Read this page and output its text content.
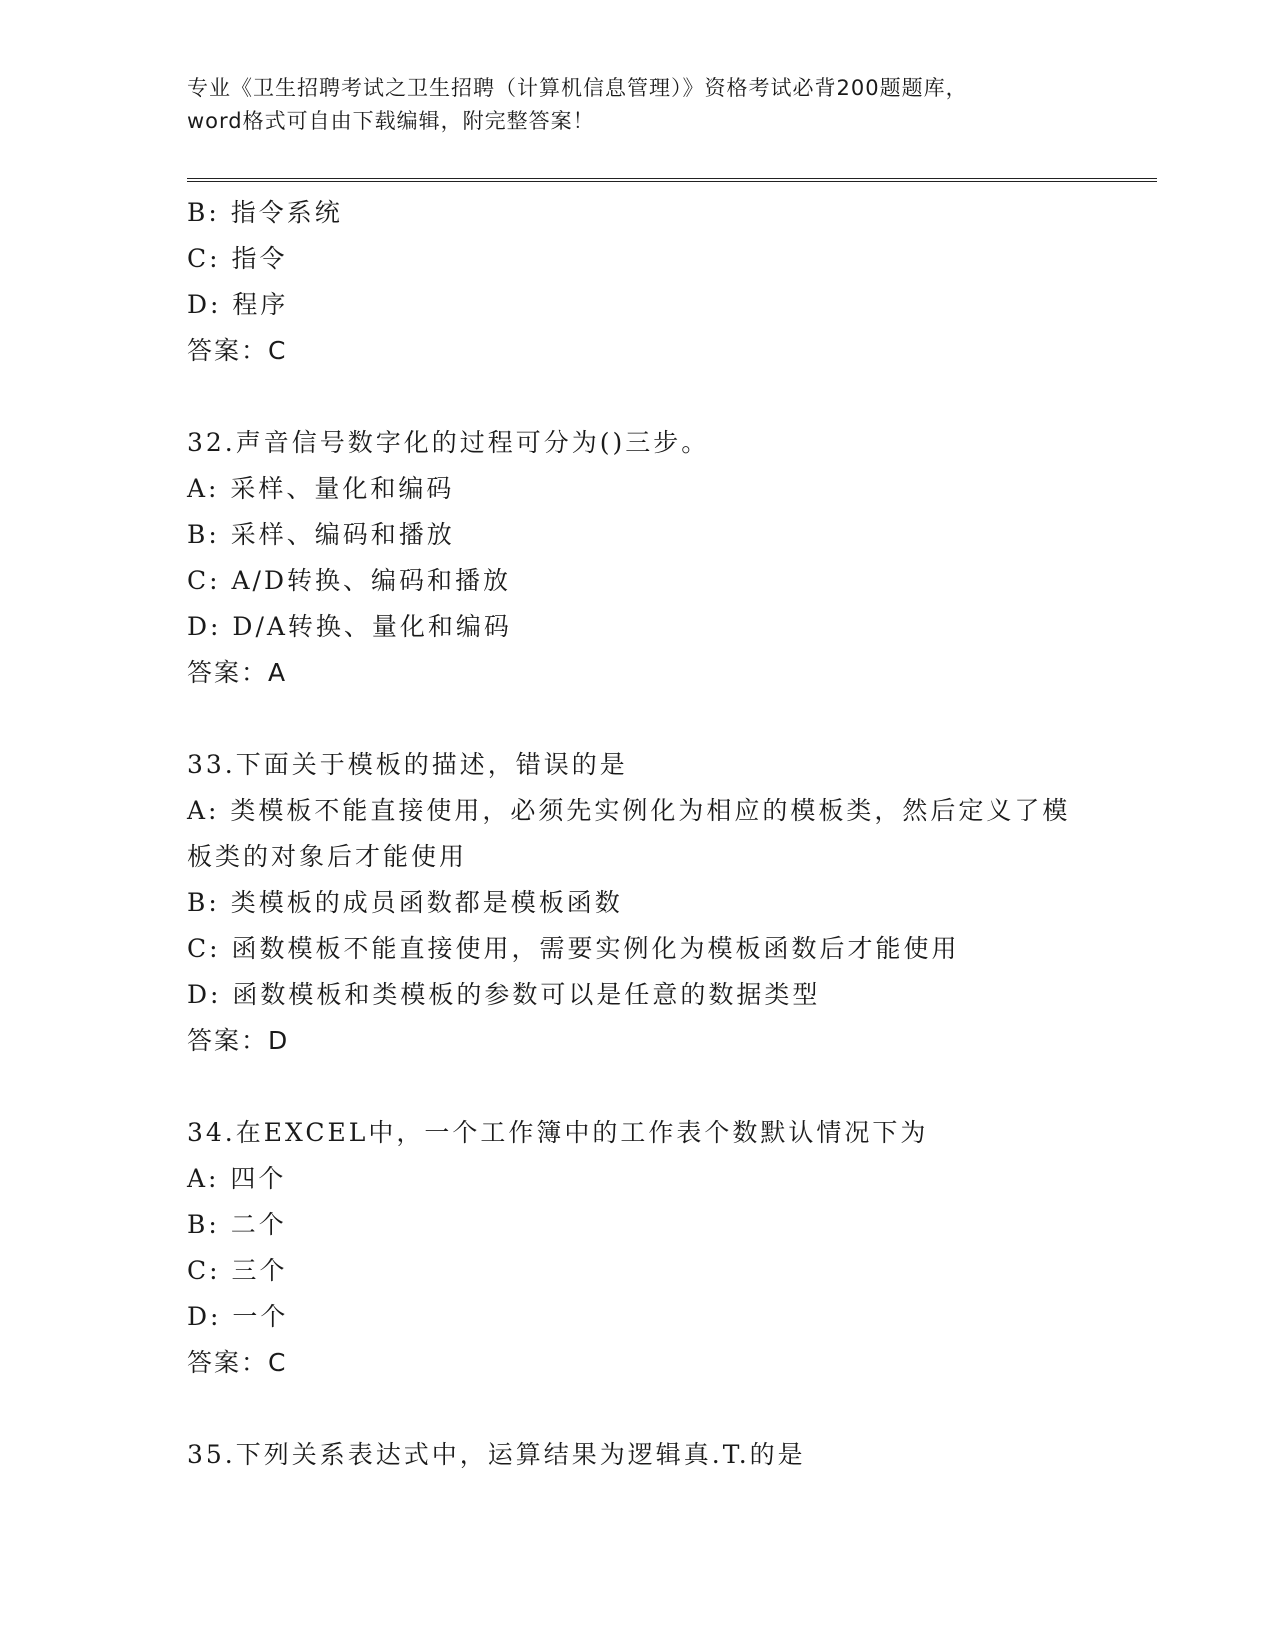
专业《卫生招聘考试之卫生招聘（计算机信息管理）》资格考试必背200题题库，
word格式可自由下载编辑，附完整答案！
B: 指令系统
C: 指令
D: 程序
答案：C
32.声音信号数字化的过程可分为()三步。
A: 采样、量化和编码
B: 采样、编码和播放
C: A/D转换、编码和播放
D: D/A转换、量化和编码
答案：A
33.下面关于模板的描述，错误的是
A: 类模板不能直接使用，必须先实例化为相应的模板类，然后定义了模板类的对象后才能使用
B: 类模板的成员函数都是模板函数
C: 函数模板不能直接使用，需要实例化为模板函数后才能使用
D: 函数模板和类模板的参数可以是任意的数据类型
答案：D
34.在EXCEL中，一个工作簿中的工作表个数默认情况下为
A: 四个
B: 二个
C: 三个
D: 一个
答案：C
35.下列关系表达式中，运算结果为逻辑真.T.的是
